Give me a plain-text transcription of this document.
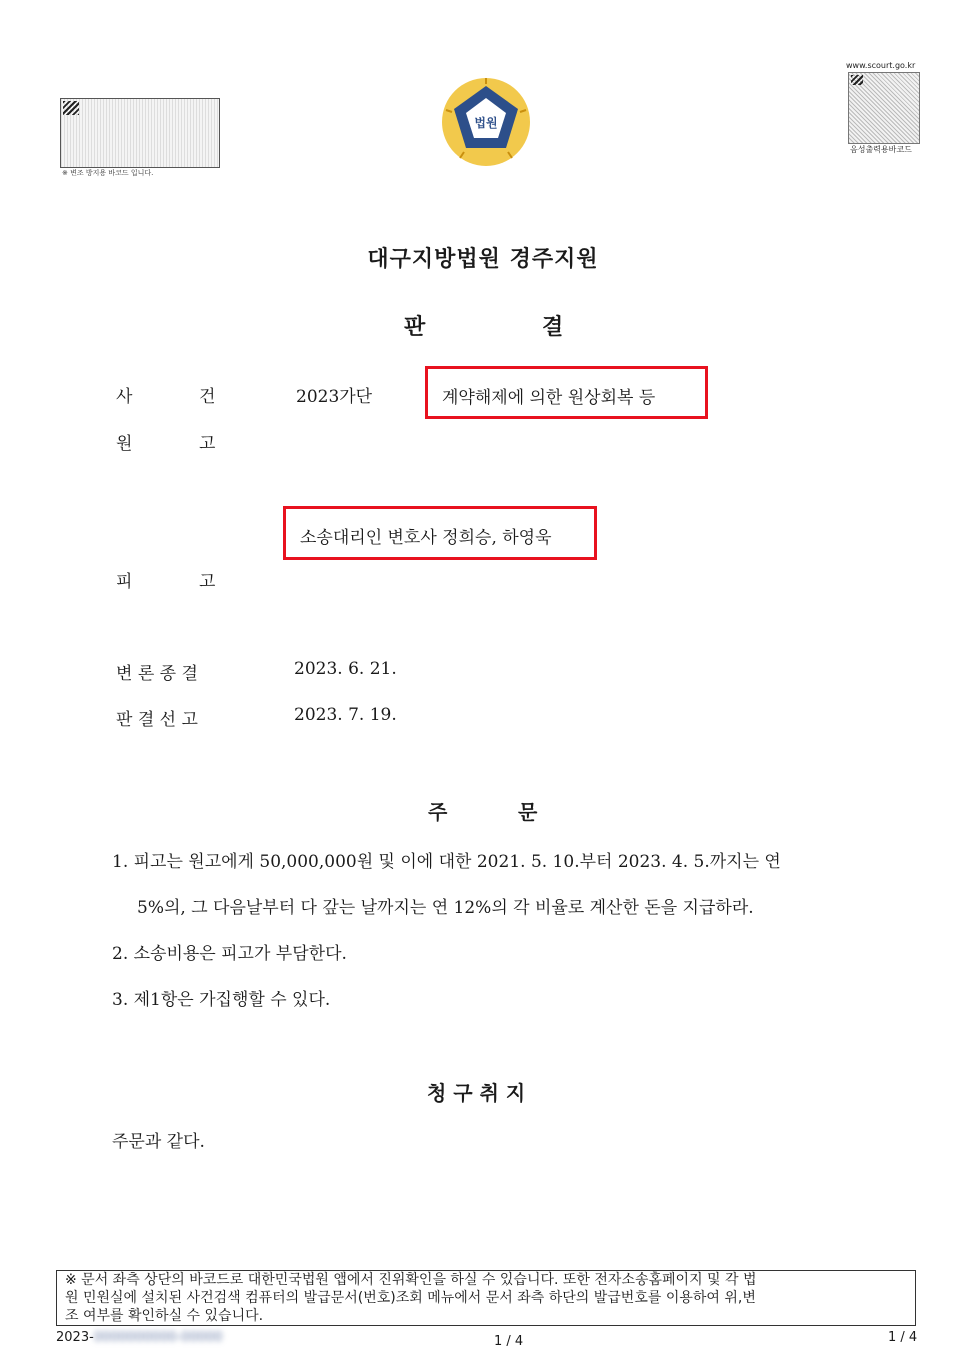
※ 변조 방지용 바코드 입니다.
www.scourt.go.kr
음성출력용바코드
법원
대구지방법원 경주지원
판	결
사	건	2023가단	계약해제에 의한 원상회복 등
원	고
소송대리인 변호사 정희승, 하영욱
피	고
변 론 종 결	2023. 6. 21.
판 결 선 고	2023. 7. 19.
주	문
1. 피고는 원고에게 50,000,000원 및 이에 대한 2021. 5. 10.부터 2023. 4. 5.까지는 연
5%의, 그 다음날부터 다 갚는 날까지는 연 12%의 각 비율로 계산한 돈을 지급하라.
2. 소송비용은 피고가 부담한다.
3. 제1항은 가집행할 수 있다.
청 구 취 지
주문과 같다.
※ 문서 좌측 상단의 바코드로 대한민국법원 앱에서 진위확인을 하실 수 있습니다. 또한 전자소송홈페이지 및 각 법
원 민원실에 설치된 사건검색 컴퓨터의 발급문서(번호)조회 메뉴에서 문서 좌측 하단의 발급번호를 이용하여 위,변
조 여부를 확인하실 수 있습니다.
2023-0000000000-00000	1 / 4	1 / 4
